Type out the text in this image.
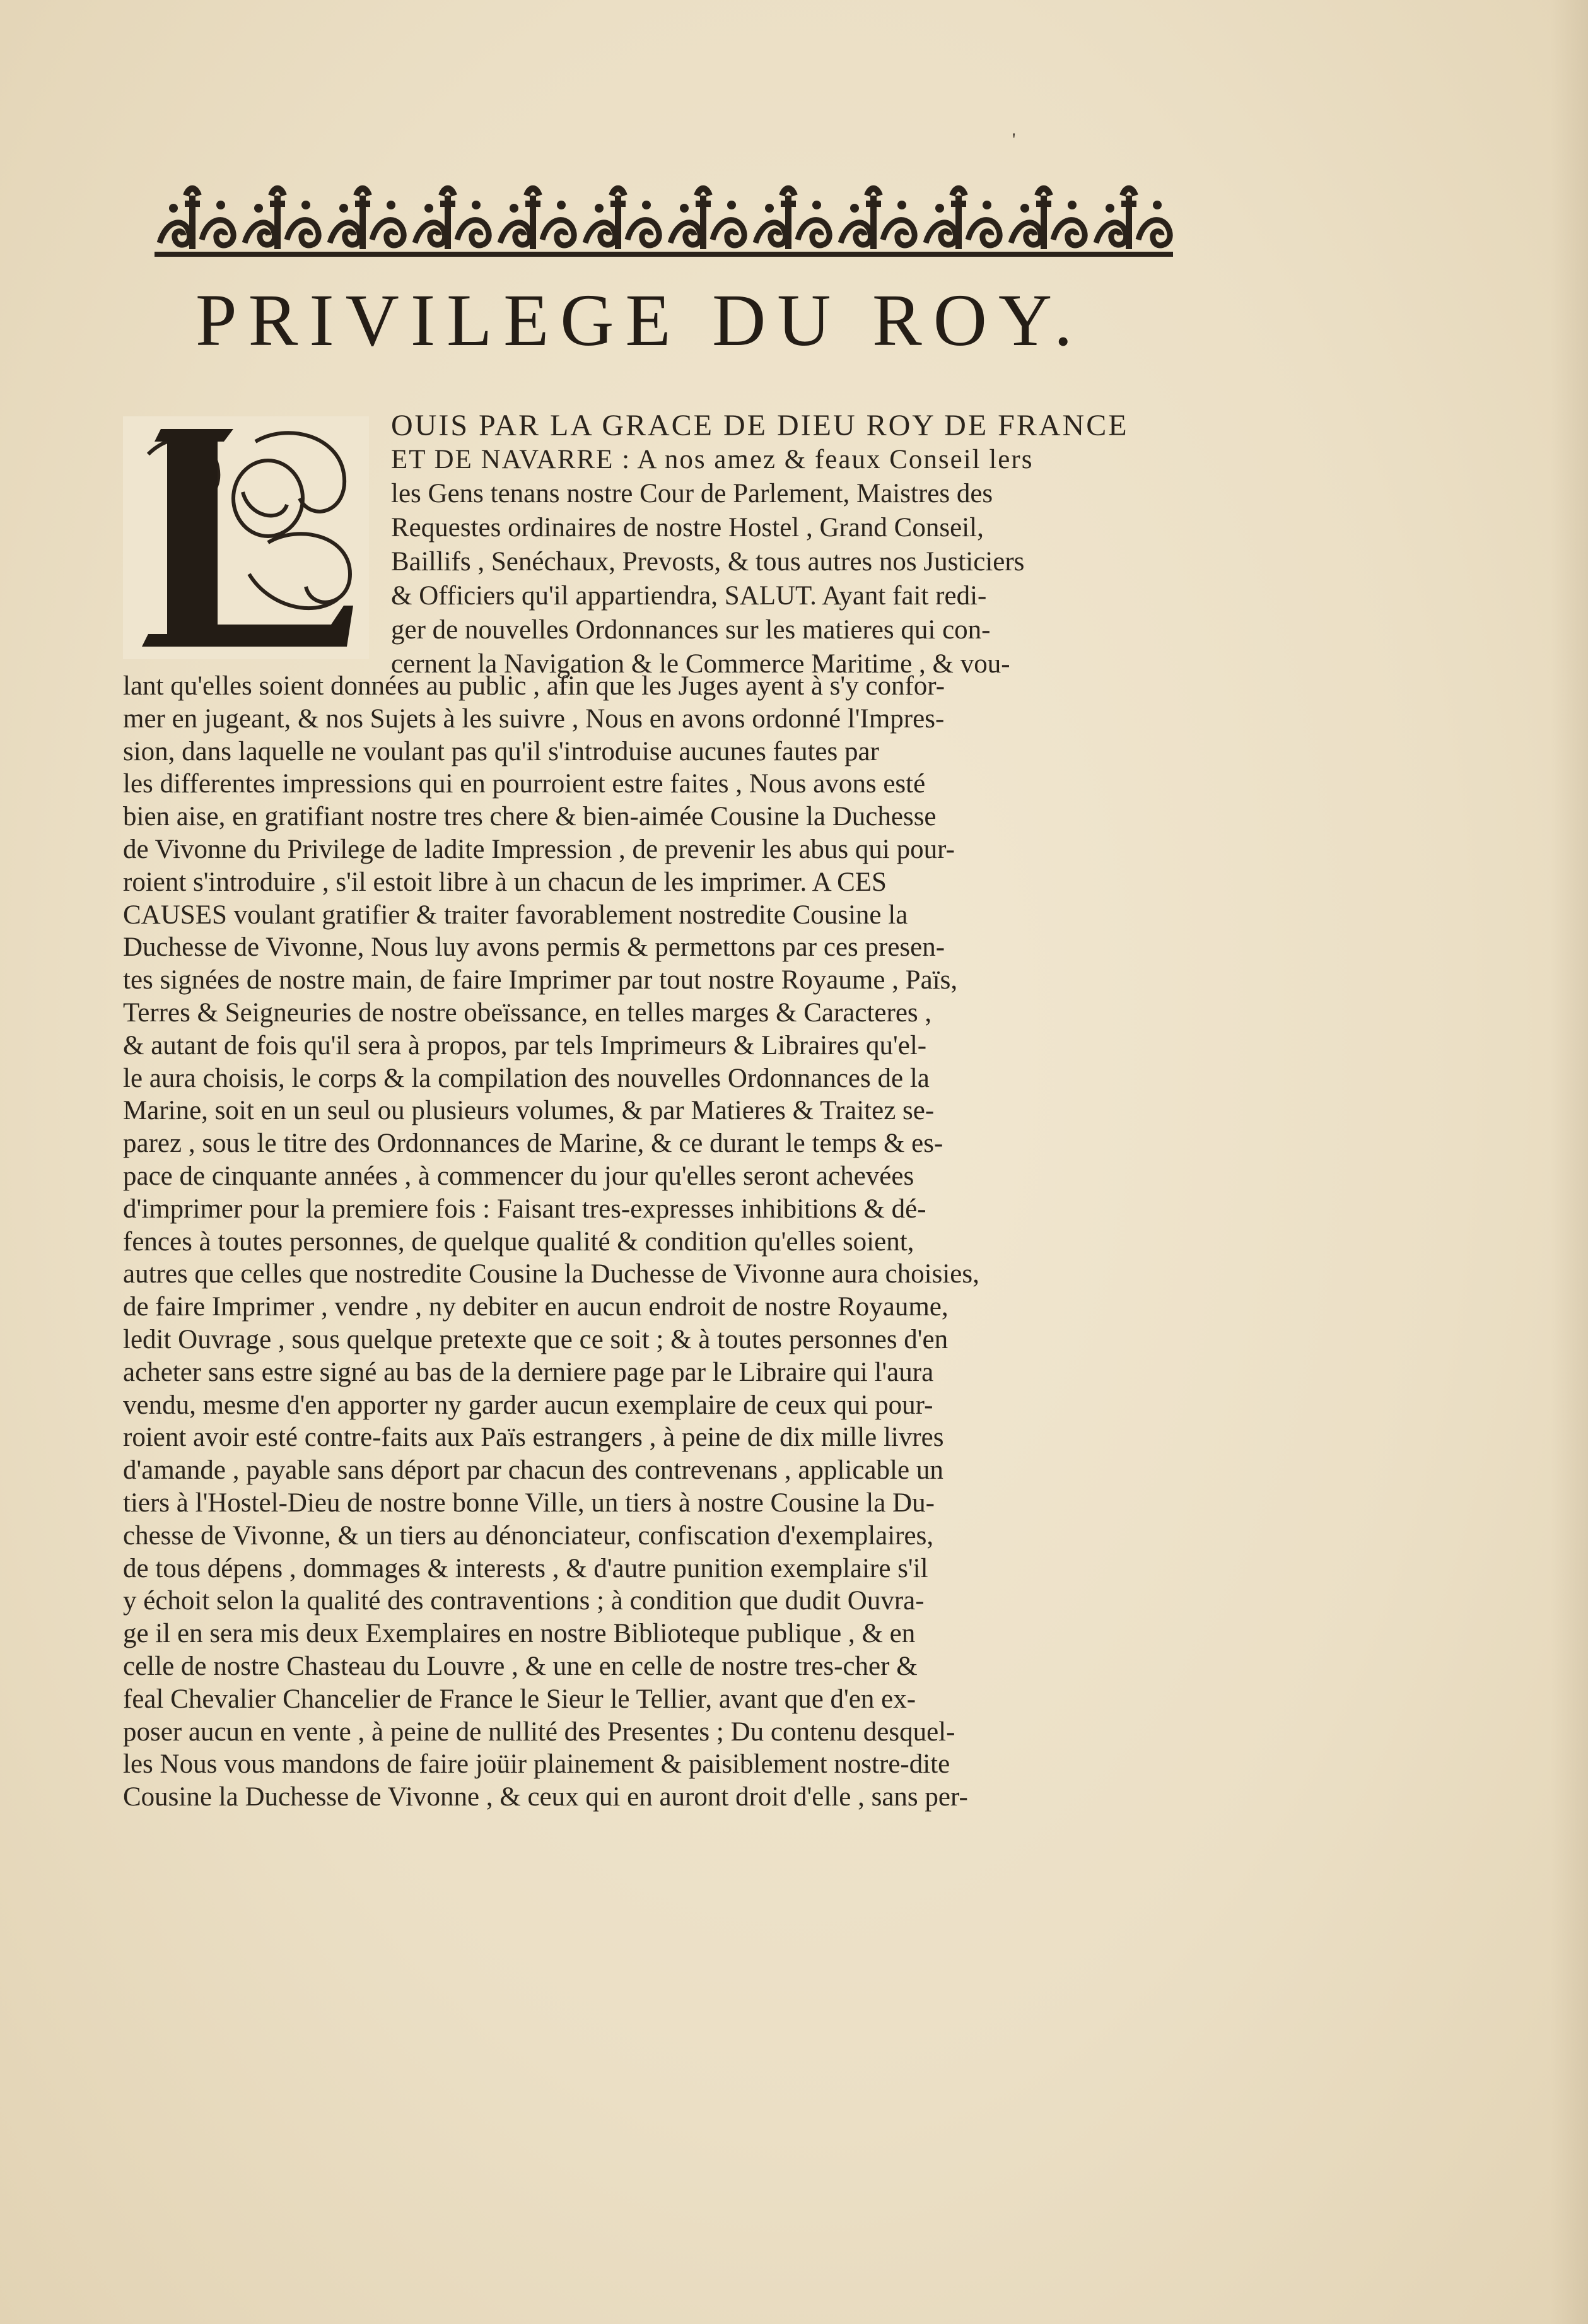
'
PRIVILEGE DU ROY.
OUIS PAR LA GRACE DE DIEU ROY DE FRANCE
ET DE NAVARRE : A nos amez & feaux Conseil lers
les Gens tenans nostre Cour de Parlement, Maistres des
Requestes ordinaires de nostre Hostel , Grand Conseil,
Baillifs , Senéchaux, Prevosts, & tous autres nos Justiciers
& Officiers qu'il appartiendra, SALUT. Ayant fait redi-
ger de nouvelles Ordonnances sur les matieres qui con-
cernent la Navigation & le Commerce Maritime , & vou-
lant qu'elles soient données au public , afin que les Juges ayent à s'y confor-
mer en jugeant, & nos Sujets à les suivre , Nous en avons ordonné l'Impres-
sion, dans laquelle ne voulant pas qu'il s'introduise aucunes fautes par
les differentes impressions qui en pourroient estre faites , Nous avons esté
bien aise, en gratifiant nostre tres chere & bien-aimée Cousine la Duchesse
de Vivonne du Privilege de ladite Impression , de prevenir les abus qui pour-
roient s'introduire , s'il estoit libre à un chacun de les imprimer. A CES
CAUSES voulant gratifier & traiter favorablement nostredite Cousine la
Duchesse de Vivonne, Nous luy avons permis & permettons par ces presen-
tes signées de nostre main, de faire Imprimer par tout nostre Royaume , Païs,
Terres & Seigneuries de nostre obeïssance, en telles marges & Caracteres ,
& autant de fois qu'il sera à propos, par tels Imprimeurs & Libraires qu'el-
le aura choisis, le corps & la compilation des nouvelles Ordonnances de la
Marine, soit en un seul ou plusieurs volumes, & par Matieres & Traitez se-
parez , sous le titre des Ordonnances de Marine, & ce durant le temps & es-
pace de cinquante années , à commencer du jour qu'elles seront achevées
d'imprimer pour la premiere fois : Faisant tres-expresses inhibitions & dé-
fences à toutes personnes, de quelque qualité & condition qu'elles soient,
autres que celles que nostredite Cousine la Duchesse de Vivonne aura choisies,
de faire Imprimer , vendre , ny debiter en aucun endroit de nostre Royaume,
ledit Ouvrage , sous quelque pretexte que ce soit ; & à toutes personnes d'en
acheter sans estre signé au bas de la derniere page par le Libraire qui l'aura
vendu, mesme d'en apporter ny garder aucun exemplaire de ceux qui pour-
roient avoir esté contre-faits aux Païs estrangers , à peine de dix mille livres
d'amande , payable sans déport par chacun des contrevenans , applicable un
tiers à l'Hostel-Dieu de nostre bonne Ville, un tiers à nostre Cousine la Du-
chesse de Vivonne, & un tiers au dénonciateur, confiscation d'exemplaires,
de tous dépens , dommages & interests , & d'autre punition exemplaire s'il
y échoit selon la qualité des contraventions ; à condition que dudit Ouvra-
ge il en sera mis deux Exemplaires en nostre Biblioteque publique , & en
celle de nostre Chasteau du Louvre , & une en celle de nostre tres-cher &
feal Chevalier Chancelier de France le Sieur le Tellier, avant que d'en ex-
poser aucun en vente , à peine de nullité des Presentes ; Du contenu desquel-
les Nous vous mandons de faire joüir plainement & paisiblement nostre-dite
Cousine la Duchesse de Vivonne , & ceux qui en auront droit d'elle , sans per-
